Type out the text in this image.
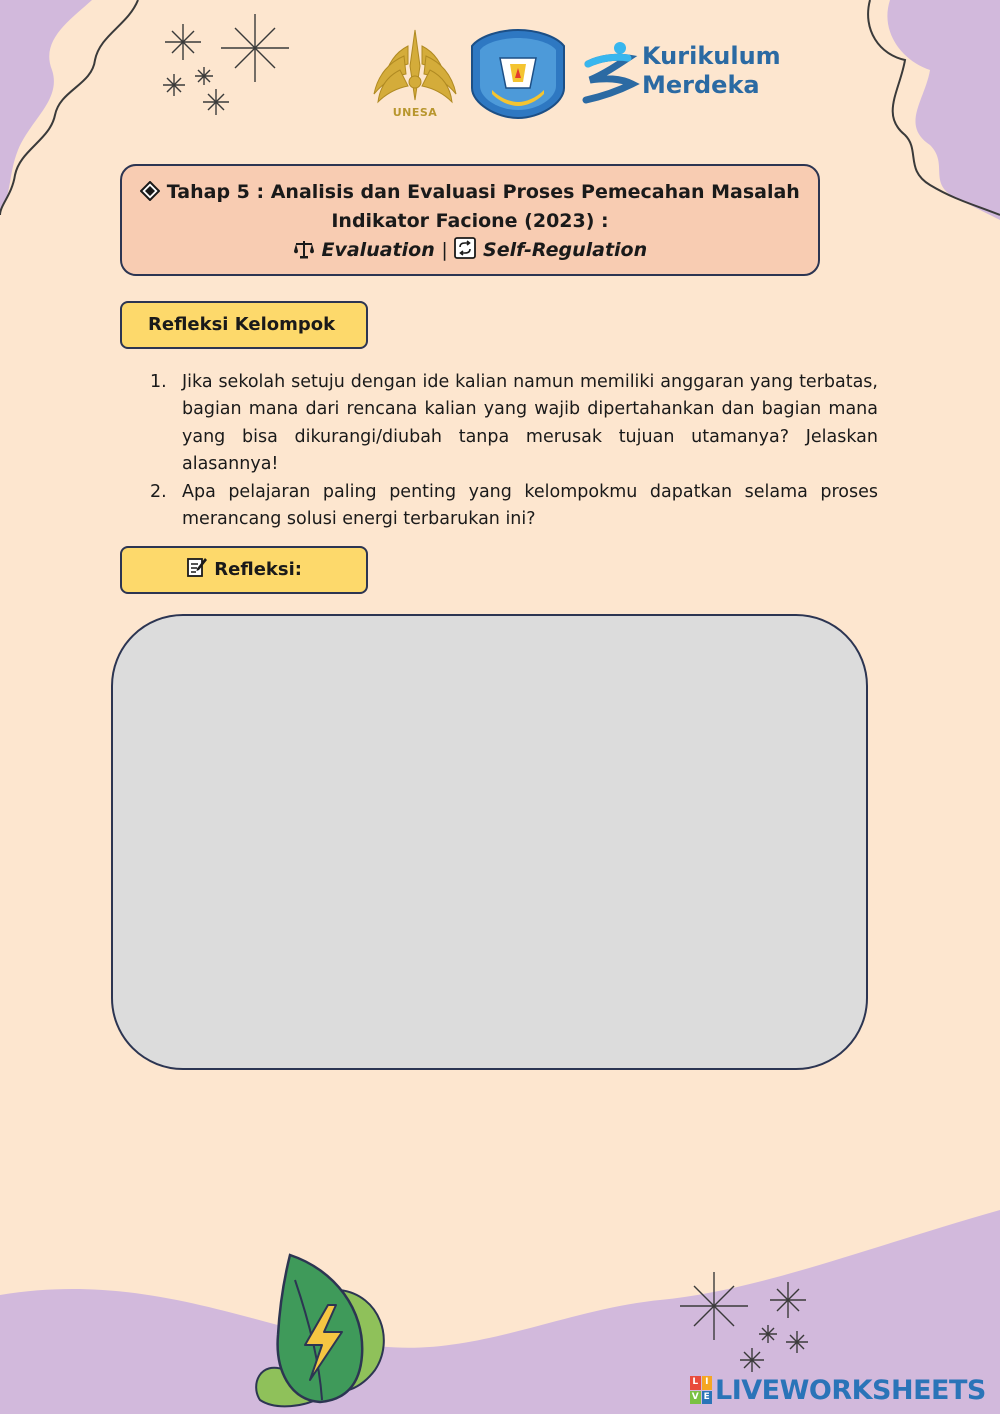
UNESA
Kurikulum
Merdeka
Tahap 5 : Analisis dan Evaluasi Proses Pemecahan Masalah
Indikator Facione (2023) :
Evaluation | Self-Regulation
Refleksi Kelompok
1. Jika sekolah setuju dengan ide kalian namun memiliki anggaran yang terbatas, bagian mana dari rencana kalian yang wajib dipertahankan dan bagian mana yang bisa dikurangi/diubah tanpa merusak tujuan utamanya? Jelaskan alasannya!
2. Apa pelajaran paling penting yang kelompokmu dapatkan selama proses merancang solusi energi terbarukan ini?
Refleksi:
L I
V E LIVEWORKSHEETS
